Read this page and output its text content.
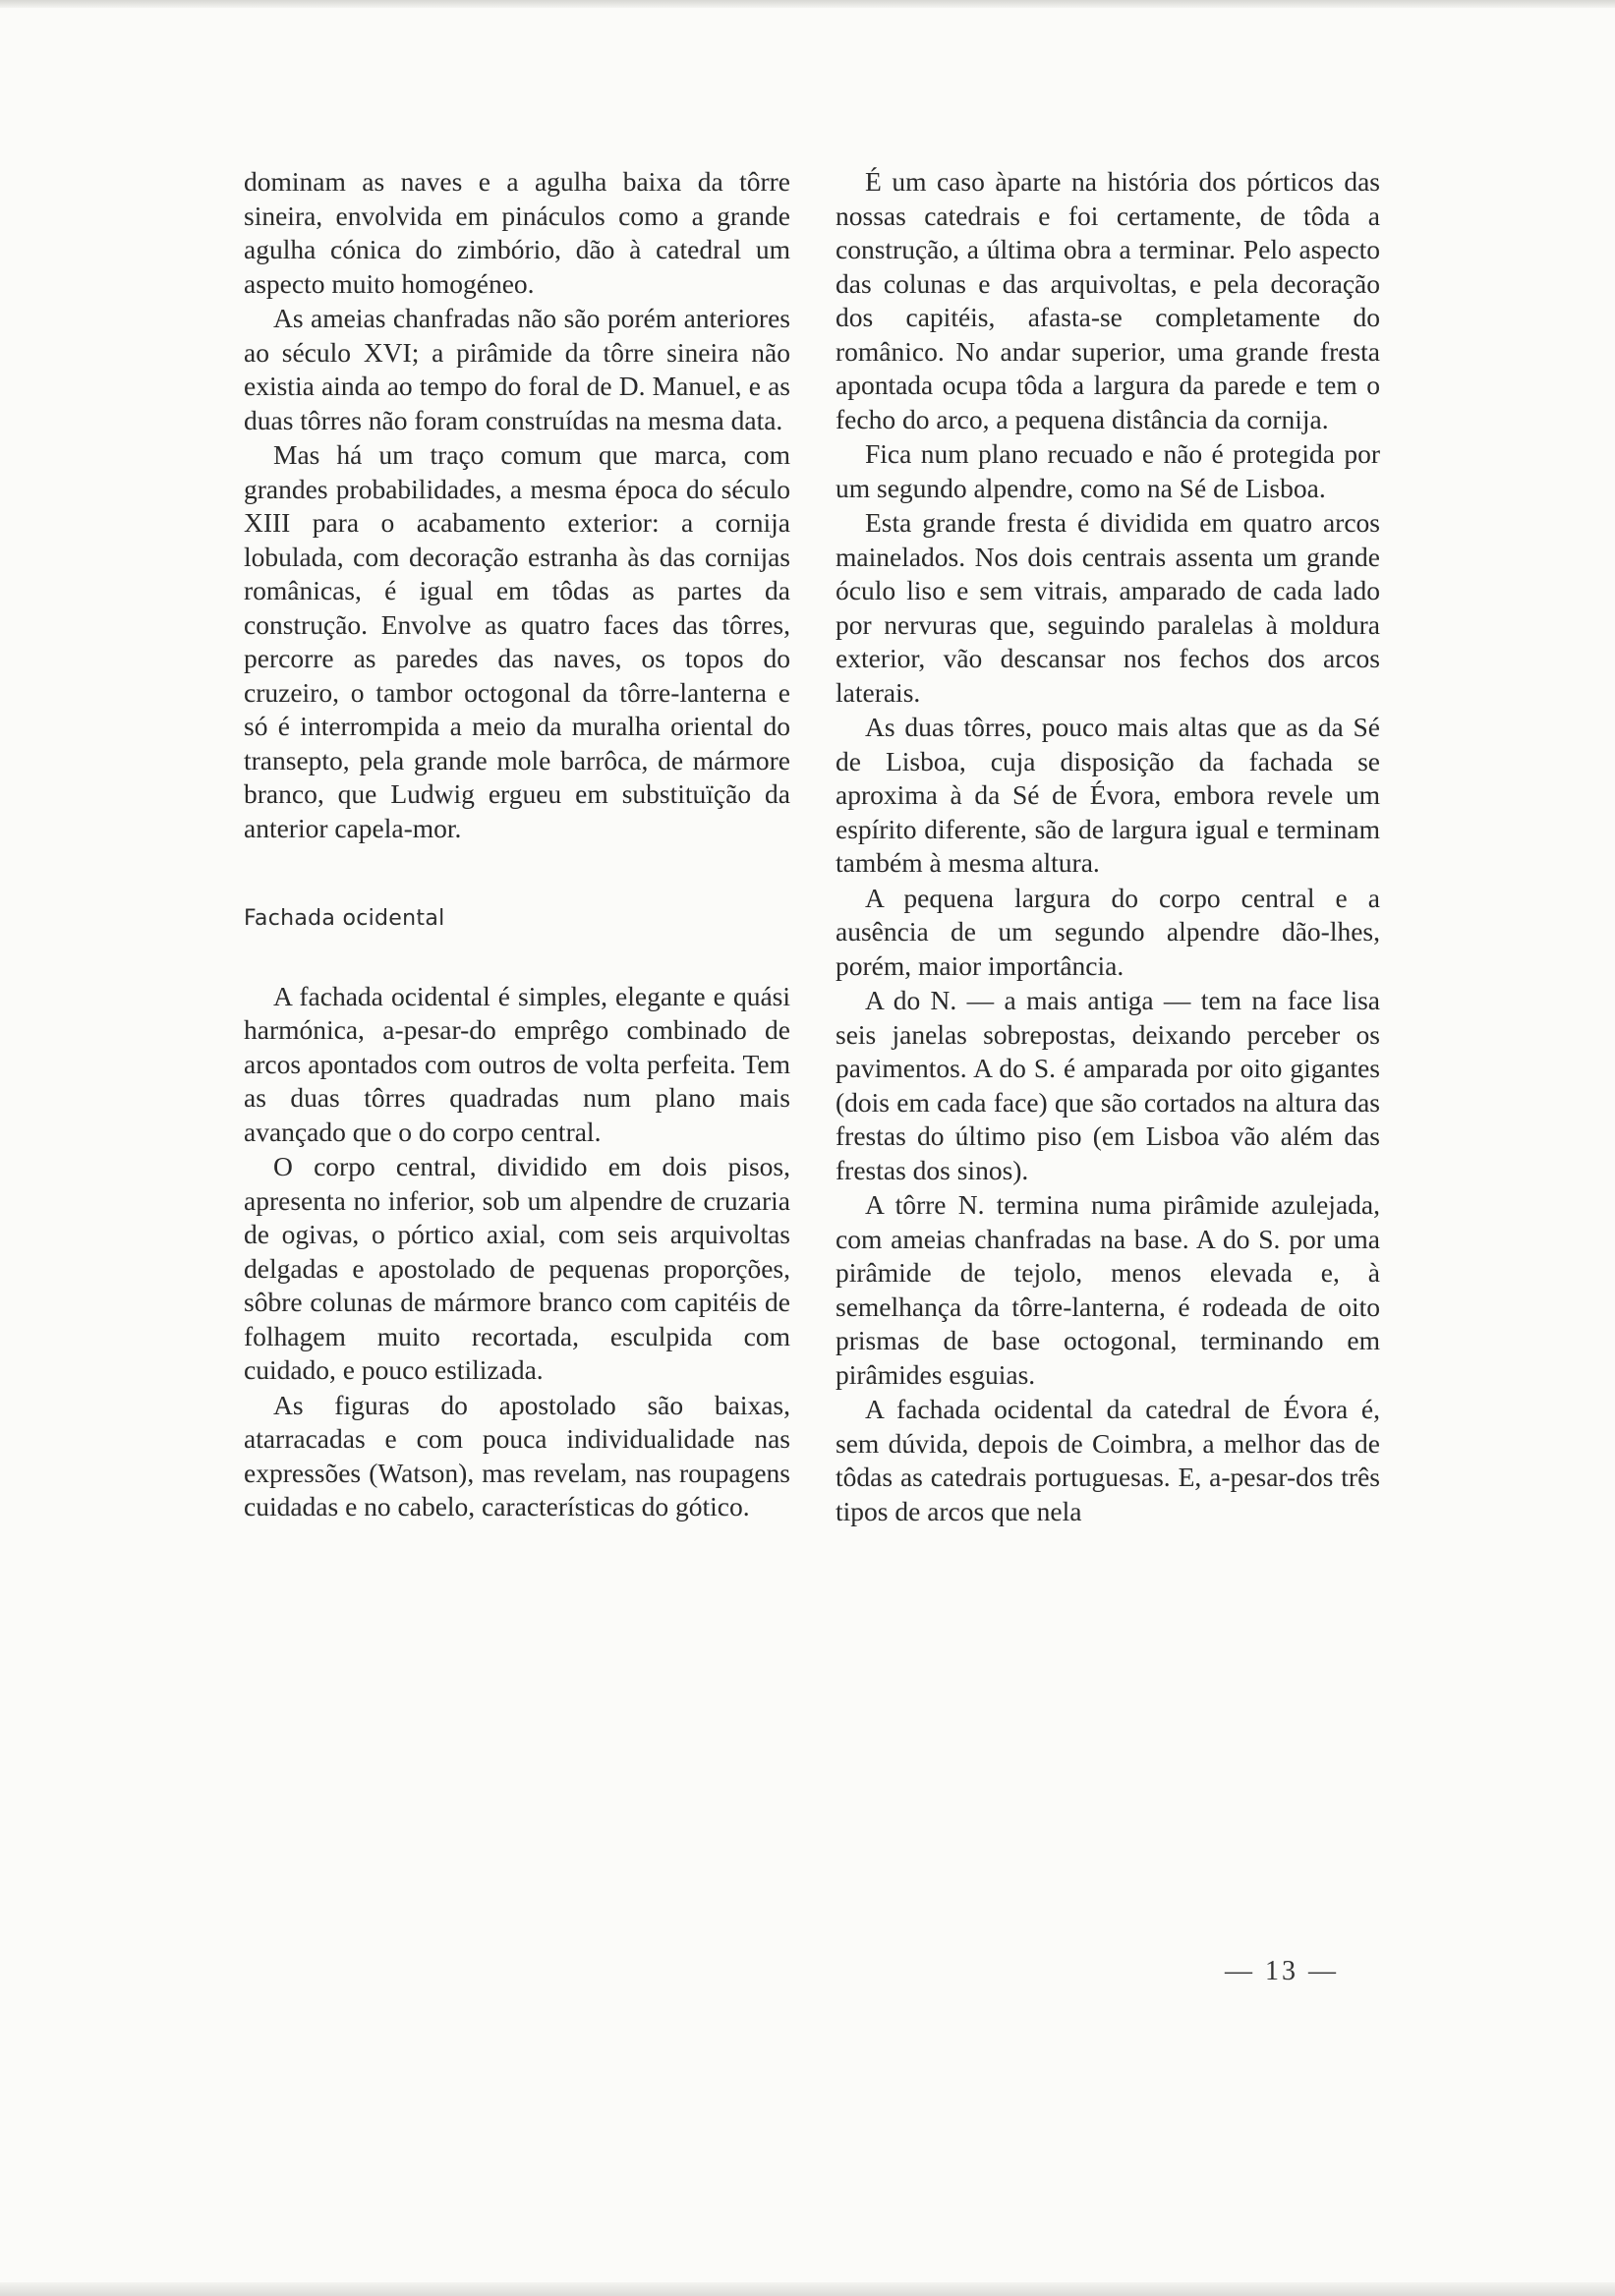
dominam as naves e a agulha baixa da tôrre sineira, envolvida em pináculos como a grande agulha cónica do zimbório, dão à catedral um aspecto muito homogéneo.

As ameias chanfradas não são porém anteriores ao século XVI; a pirâmide da tôrre sineira não existia ainda ao tempo do foral de D. Manuel, e as duas tôrres não foram construídas na mesma data.

Mas há um traço comum que marca, com grandes probabilidades, a mesma época do século XIII para o acabamento exterior: a cornija lobulada, com decoração estranha às das cornijas românicas, é igual em tôdas as partes da construção. Envolve as quatro faces das tôrres, percorre as paredes das naves, os topos do cruzeiro, o tambor octogonal da tôrre-lanterna e só é interrompida a meio da muralha oriental do transepto, pela grande mole barrôca, de mármore branco, que Ludwig ergueu em substituïção da anterior capela-mor.

Fachada ocidental

A fachada ocidental é simples, elegante e quási harmónica, a-pesar-do emprêgo combinado de arcos apontados com outros de volta perfeita. Tem as duas tôrres quadradas num plano mais avançado que o do corpo central.

O corpo central, dividido em dois pisos, apresenta no inferior, sob um alpendre de cruzaria de ogivas, o pórtico axial, com seis arquivoltas delgadas e apostolado de pequenas proporções, sôbre colunas de mármore branco com capitéis de folhagem muito recortada, esculpida com cuidado, e pouco estilizada.

As figuras do apostolado são baixas, atarracadas e com pouca individualidade nas expressões (Watson), mas revelam, nas roupagens cuidadas e no cabelo, características do gótico.

É um caso àparte na história dos pórticos das nossas catedrais e foi certamente, de tôda a construção, a última obra a terminar. Pelo aspecto das colunas e das arquivoltas, e pela decoração dos capitéis, afasta-se completamente do românico. No andar superior, uma grande fresta apontada ocupa tôda a largura da parede e tem o fecho do arco, a pequena distância da cornija.

Fica num plano recuado e não é protegida por um segundo alpendre, como na Sé de Lisboa.

Esta grande fresta é dividida em quatro arcos mainelados. Nos dois centrais assenta um grande óculo liso e sem vitrais, amparado de cada lado por nervuras que, seguindo paralelas à moldura exterior, vão descansar nos fechos dos arcos laterais.

As duas tôrres, pouco mais altas que as da Sé de Lisboa, cuja disposição da fachada se aproxima à da Sé de Évora, embora revele um espírito diferente, são de largura igual e terminam também à mesma altura.

A pequena largura do corpo central e a ausência de um segundo alpendre dão-lhes, porém, maior importância.

A do N. — a mais antiga — tem na face lisa seis janelas sobrepostas, deixando perceber os pavimentos. A do S. é amparada por oito gigantes (dois em cada face) que são cortados na altura das frestas do último piso (em Lisboa vão além das frestas dos sinos).

A tôrre N. termina numa pirâmide azulejada, com ameias chanfradas na base. A do S. por uma pirâmide de tejolo, menos elevada e, à semelhança da tôrre-lanterna, é rodeada de oito prismas de base octogonal, terminando em pirâmides esguias.

A fachada ocidental da catedral de Évora é, sem dúvida, depois de Coimbra, a melhor das de tôdas as catedrais portuguesas. E, a-pesar-dos três tipos de arcos que nela

— 13 —
